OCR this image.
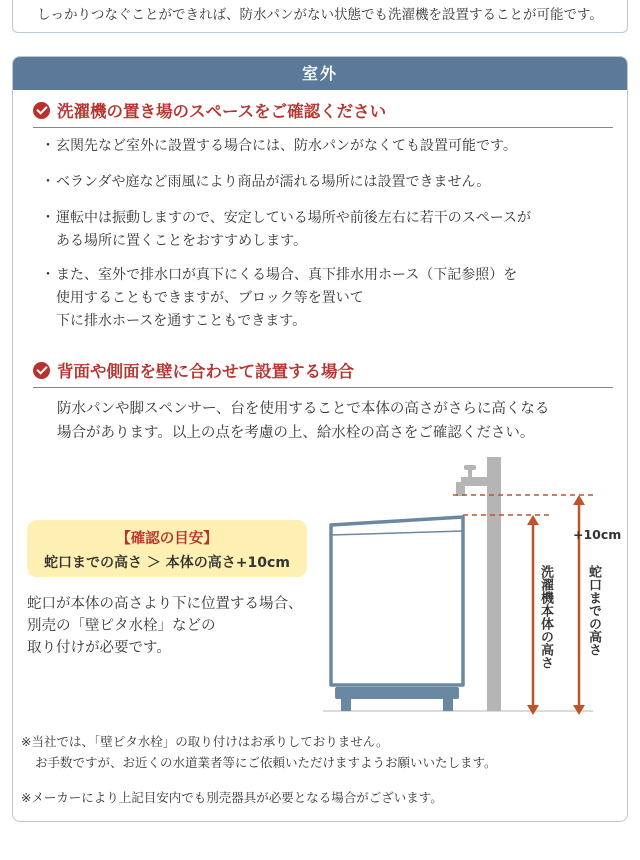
しっかりつなぐことができれば、防水パンがない状態でも洗濯機を設置することが可能です。

室外
洗濯機の置き場のスペースをご確認ください
・ 玄関先など室外に設置する場合には、防水パンがなくても設置可能です。
・ ベランダや庭など雨風により商品が濡れる場所には設置できません。
・ 運転中は振動しますので、安定している場所や前後左右に若干のスペースが
ある場所に置くことをおすすめします。
・ また、室外で排水口が真下にくる場合、真下排水用ホース（下記参照）を
使用することもできますが、ブロック等を置いて
下に排水ホースを通すこともできます。
背面や側面を壁に合わせて設置する場合
防水パンや脚スペンサー、台を使用することで本体の高さがさらに高くなる
場合があります。以上の点を考慮の上、給水栓の高さをご確認ください。
【確認の目安】
蛇口までの高さ ＞ 本体の高さ+10cm
蛇口が本体の高さより下に位置する場合、
別売の「壁ピタ水栓」などの
取り付けが必要です。
+10cm
洗濯機本体の高さ	蛇口までの高さ
※当社では、「壁ピタ水栓」の取り付けはお承りしておりません。
お手数ですが、お近くの水道業者等にご依頼いただけますようお願いいたします。
※メーカーにより上記目安内でも別売器具が必要となる場合がございます。
